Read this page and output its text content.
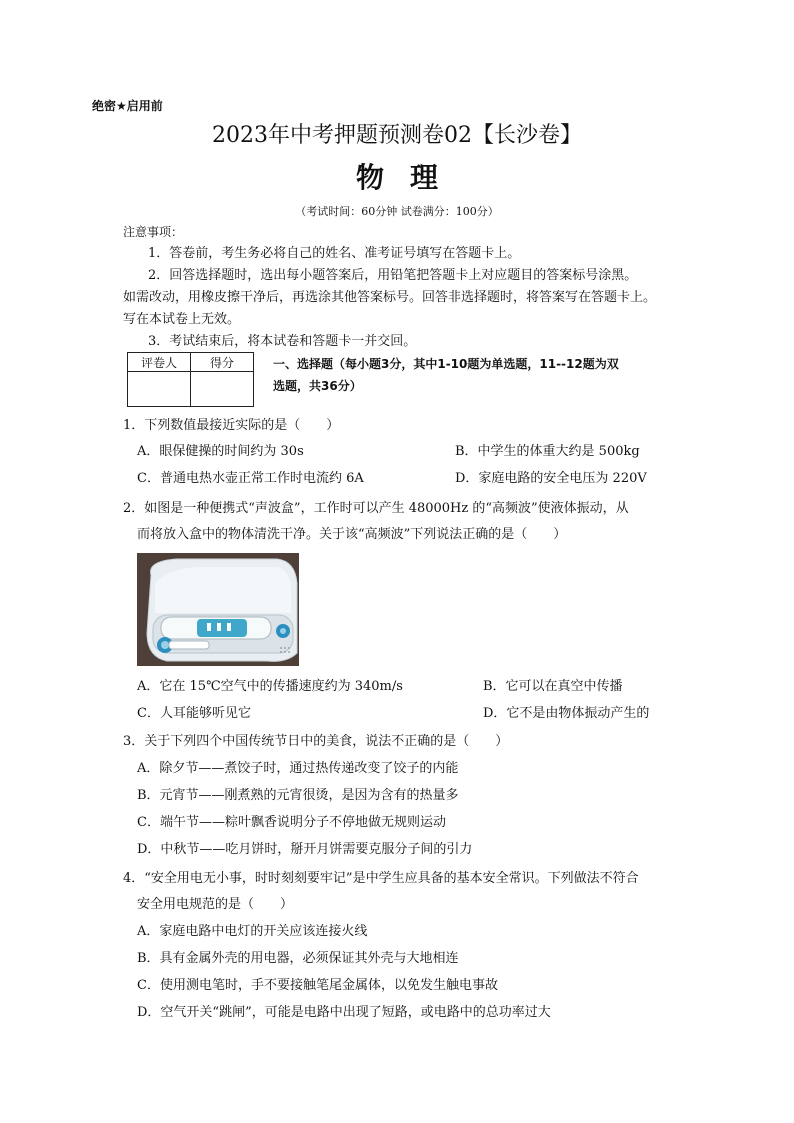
绝密★启用前
2023年中考押题预测卷02【长沙卷】
物理
（考试时间：60分钟 试卷满分：100分）
注意事项：
1．答卷前，考生务必将自己的姓名、准考证号填写在答题卡上。
2．回答选择题时，选出每小题答案后，用铅笔把答题卡上对应题目的答案标号涂黑。
如需改动，用橡皮擦干净后，再选涂其他答案标号。回答非选择题时，将答案写在答题卡上。
写在本试卷上无效。
3．考试结束后，将本试卷和答题卡一并交回。
评卷人	得分
		一、选择题（每小题3分，其中1-10题为单选题，11--12题为双
选题，共36分）
1．下列数值最接近实际的是（　　）
A．眼保健操的时间约为 30s	B．中学生的体重大约是 500kg
C．普通电热水壶正常工作时电流约 6A	D．家庭电路的安全电压为 220V
2．如图是一种便携式“声波盒”，工作时可以产生 48000Hz 的“高频波”使液体振动，从
而将放入盒中的物体清洗干净。关于该“高频波”下列说法正确的是（　　）
A．它在 15℃空气中的传播速度约为 340m/s	B．它可以在真空中传播
C．人耳能够听见它	D．它不是由物体振动产生的
3．关于下列四个中国传统节日中的美食，说法不正确的是（　　）
A．除夕节——煮饺子时，通过热传递改变了饺子的内能
B．元宵节——刚煮熟的元宵很烫，是因为含有的热量多
C．端午节——粽叶飘香说明分子不停地做无规则运动
D．中秋节——吃月饼时，掰开月饼需要克服分子间的引力
4．“安全用电无小事，时时刻刻要牢记”是中学生应具备的基本安全常识。下列做法不符合
安全用电规范的是（　　）
A．家庭电路中电灯的开关应该连接火线
B．具有金属外壳的用电器，必须保证其外壳与大地相连
C．使用测电笔时，手不要接触笔尾金属体，以免发生触电事故
D．空气开关“跳闸”，可能是电路中出现了短路，或电路中的总功率过大
